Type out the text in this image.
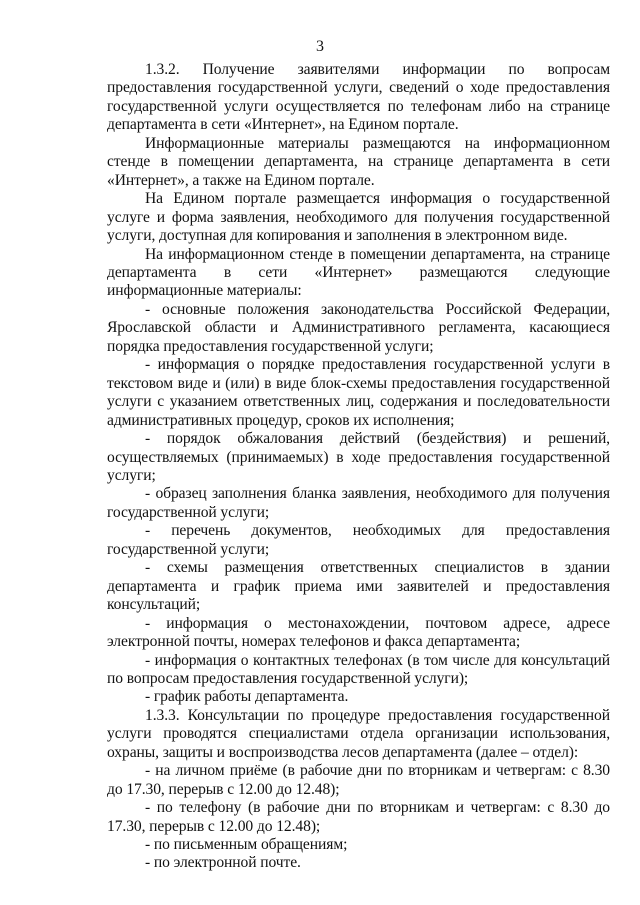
3

1.3.2. Получение заявителями информации по вопросам предоставления государственной услуги, сведений о ходе предоставления государственной услуги осуществляется по телефонам либо на странице департамента в сети «Интернет», на Едином портале.

Информационные материалы размещаются на информационном стенде в помещении департамента, на странице департамента в сети «Интернет», а также на Едином портале.

На Едином портале размещается информация о государственной услуге и форма заявления, необходимого для получения государственной услуги, доступная для копирования и заполнения в электронном виде.

На информационном стенде в помещении департамента, на странице департамента в сети «Интернет» размещаются следующие информационные материалы:

- основные положения законодательства Российской Федерации, Ярославской области и Административного регламента, касающиеся порядка предоставления государственной услуги;

- информация о порядке предоставления государственной услуги в текстовом виде и (или) в виде блок-схемы предоставления государственной услуги с указанием ответственных лиц, содержания и последовательности административных процедур, сроков их исполнения;

- порядок обжалования действий (бездействия) и решений, осуществляемых (принимаемых) в ходе предоставления государственной услуги;

- образец заполнения бланка заявления, необходимого для получения государственной услуги;

- перечень документов, необходимых для предоставления государственной услуги;

- схемы размещения ответственных специалистов в здании департамента и график приема ими заявителей и предоставления консультаций;

- информация о местонахождении, почтовом адресе, адресе электронной почты, номерах телефонов и факса департамента;

- информация о контактных телефонах (в том числе для консультаций по вопросам предоставления государственной услуги);

- график работы департамента.

1.3.3. Консультации по процедуре предоставления государственной услуги проводятся специалистами отдела организации использования, охраны, защиты и воспроизводства лесов департамента (далее – отдел):

- на личном приёме (в рабочие дни по вторникам и четвергам: с 8.30 до 17.30, перерыв с 12.00 до 12.48);

- по телефону (в рабочие дни по вторникам и четвергам: с 8.30 до 17.30, перерыв с 12.00 до 12.48);

- по письменным обращениям;

- по электронной почте.
